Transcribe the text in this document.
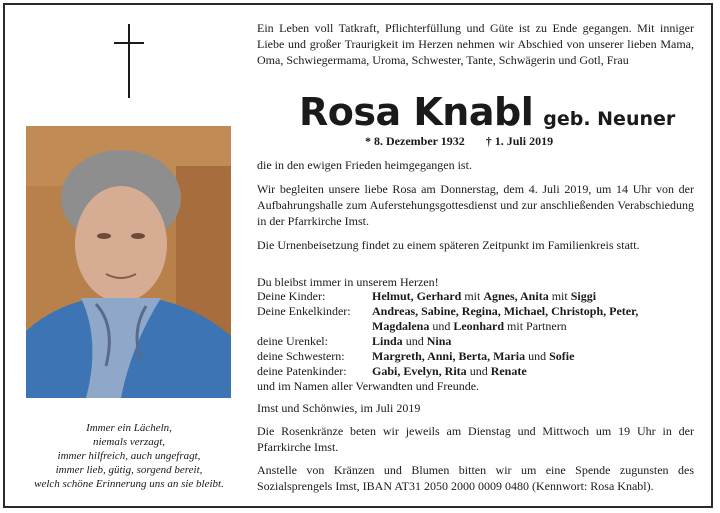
Immer ein Lächeln,
niemals verzagt,
immer hilfreich, auch ungefragt,
immer lieb, gütig, sorgend bereit,
welch schöne Erinnerung uns an sie bleibt.
Ein Leben voll Tatkraft, Pflichterfüllung und Güte ist zu Ende gegangen. Mit inniger Liebe und großer Traurigkeit im Herzen nehmen wir Abschied von unserer lieben Mama, Oma, Schwiegermama, Uroma, Schwester, Tante, Schwägerin und Gotl, Frau
Rosa Knabl geb. Neuner
* 8. Dezember 1932 † 1. Juli 2019
die in den ewigen Frieden heimgegangen ist.
Wir begleiten unsere liebe Rosa am Donnerstag, dem 4. Juli 2019, um 14 Uhr von der Aufbahrungshalle zum Auferstehungsgottesdienst und zur anschließenden Verabschiedung in der Pfarrkirche Imst.
Die Urnenbeisetzung findet zu einem späteren Zeitpunkt im Familienkreis statt.
Du bleibst immer in unserem Herzen!
Deine Kinder:	Helmut, Gerhard mit Agnes, Anita mit Siggi
Deine Enkelkinder:	Andreas, Sabine, Regina, Michael, Christoph, Peter, Magdalena und Leonhard mit Partnern
deine Urenkel:	Linda und Nina
deine Schwestern:	Margreth, Anni, Berta, Maria und Sofie
deine Patenkinder:	Gabi, Evelyn, Rita und Renate
und im Namen aller Verwandten und Freunde.	
Imst und Schönwies, im Juli 2019
Die Rosenkränze beten wir jeweils am Dienstag und Mittwoch um 19 Uhr in der Pfarrkirche Imst.
Anstelle von Kränzen und Blumen bitten wir um eine Spende zugunsten des Sozialsprengels Imst, IBAN AT31 2050 2000 0009 0480 (Kennwort: Rosa Knabl).
